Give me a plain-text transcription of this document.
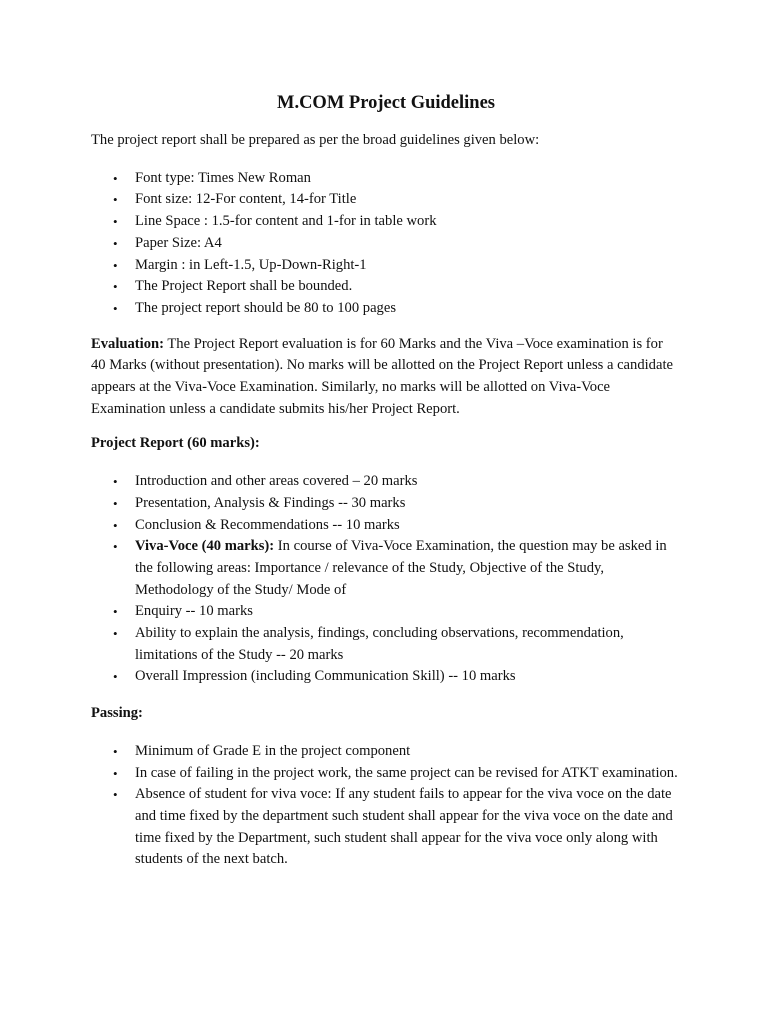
M.COM Project Guidelines

The project report shall be prepared as per the broad guidelines given below:

• Font type: Times New Roman
• Font size: 12-For content, 14-for Title
• Line Space : 1.5-for content and 1-for in table work
• Paper Size: A4
• Margin : in Left-1.5, Up-Down-Right-1
• The Project Report shall be bounded.
• The project report should be 80 to 100 pages

Evaluation: The Project Report evaluation is for 60 Marks and the Viva –Voce examination is for 40 Marks (without presentation). No marks will be allotted on the Project Report unless a candidate appears at the Viva-Voce Examination. Similarly, no marks will be allotted on Viva-Voce Examination unless a candidate submits his/her Project Report.

Project Report (60 marks):

• Introduction and other areas covered – 20 marks
• Presentation, Analysis & Findings -- 30 marks
• Conclusion & Recommendations -- 10 marks
• Viva-Voce (40 marks): In course of Viva-Voce Examination, the question may be asked in the following areas: Importance / relevance of the Study, Objective of the Study, Methodology of the Study/ Mode of
• Enquiry -- 10 marks
• Ability to explain the analysis, findings, concluding observations, recommendation, limitations of the Study -- 20 marks
• Overall Impression (including Communication Skill) -- 10 marks

Passing:

• Minimum of Grade E in the project component
• In case of failing in the project work, the same project can be revised for ATKT examination.
• Absence of student for viva voce: If any student fails to appear for the viva voce on the date and time fixed by the department such student shall appear for the viva voce on the date and time fixed by the Department, such student shall appear for the viva voce only along with students of the next batch.
